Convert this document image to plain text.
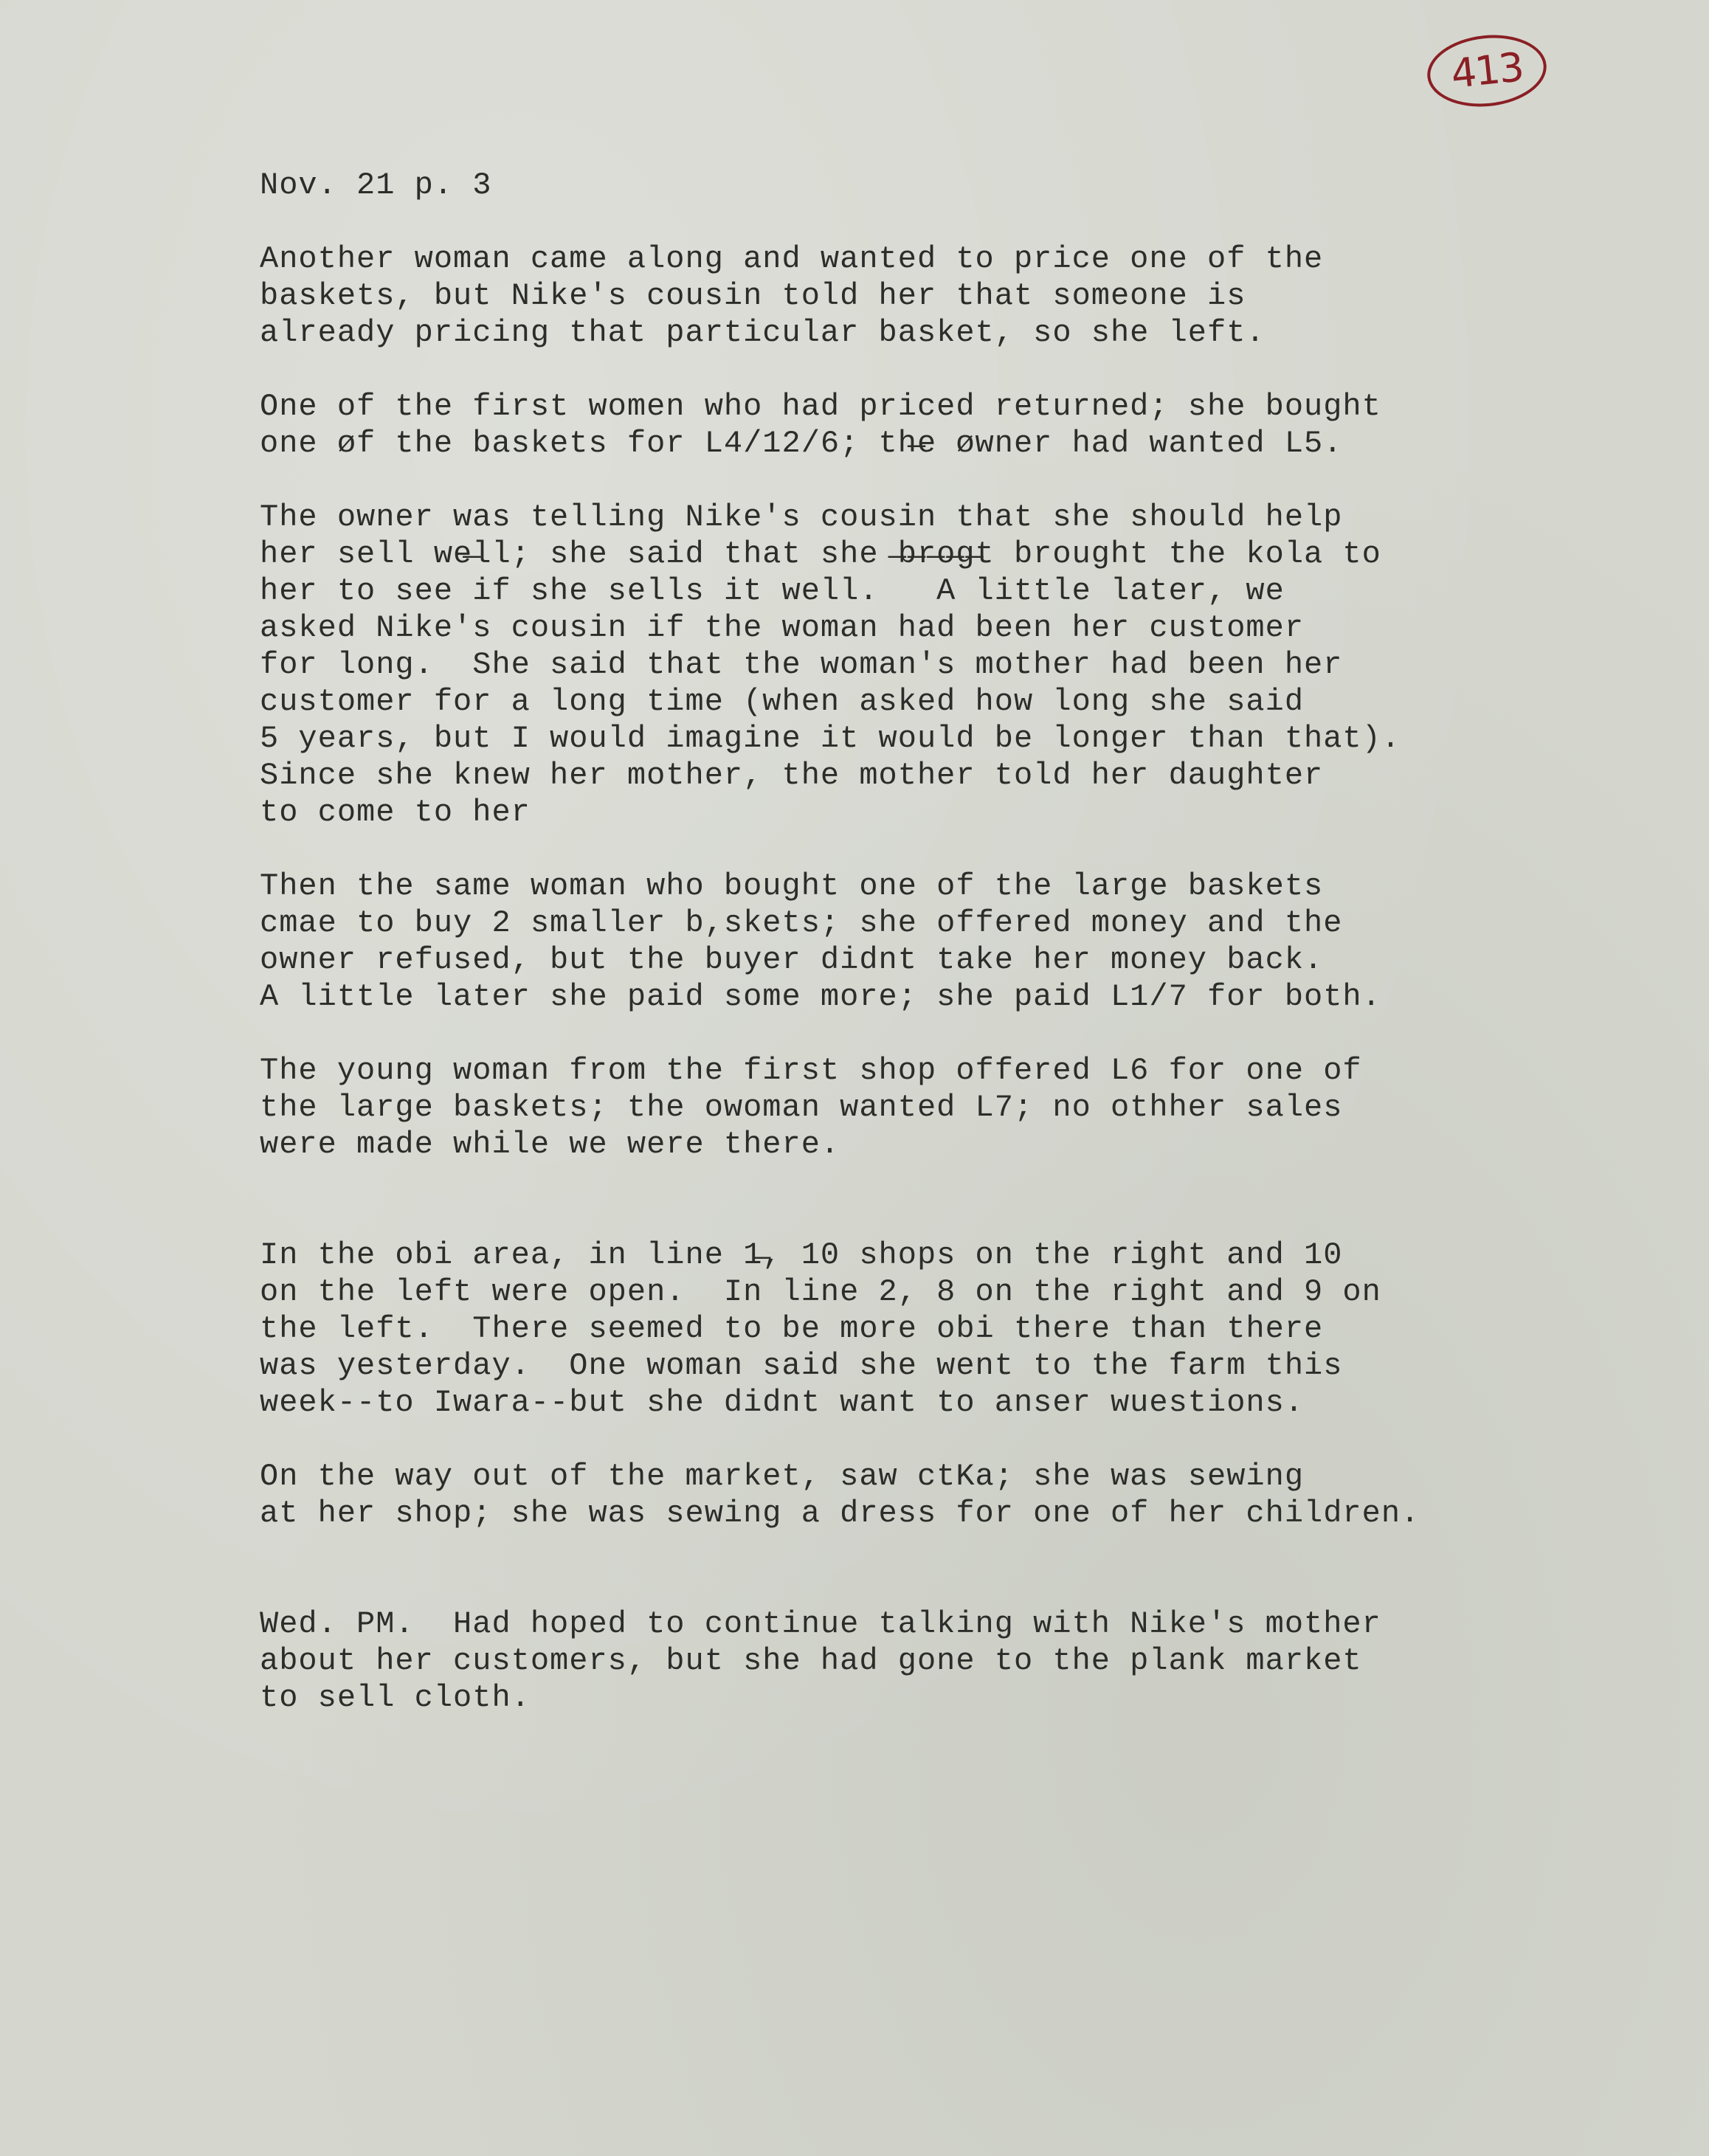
413
Nov. 21 p. 3
Another woman came along and wanted to price one of the
baskets, but Nike's cousin told her that someone is
already pricing that particular basket, so she left.
One of the first women who had priced returned; she bought
one øf the baskets for L4/12/6; th̶e øwner had wanted L5.
The owner was telling Nike's cousin that she should help
her sell we̶ll; she said that she ̶b̶r̶o̶g̶t brought the kola to
her to see if she sells it well.   A little later, we
asked Nike's cousin if the woman had been her customer
for long.  She said that the woman's mother had been her
customer for a long time (when asked how long she said
5 years, but I would imagine it would be longer than that).
Since she knew her mother, the mother told her daughter
to come to her
Then the same woman who bought one of the large baskets
cmae to buy 2 smaller b,skets; she offered money and the
owner refused, but the buyer didnt take her money back.
A little later she paid some more; she paid L1/7 for both.
The young woman from the first shop offered L6 for one of
the large baskets; the owoman wanted L7; no othher sales
were made while we were there.
In the obi area, in line 1̶, 10 shops on the right and 10
on the left were open.  In line 2, 8 on the right and 9 on
the left.  There seemed to be more obi there than there
was yesterday.  One woman said she went to the farm this
week--to Iwara--but she didnt want to anser wuestions.
On the way out of the market, saw ctKa; she was sewing
at her shop; she was sewing a dress for one of her children.
Wed. PM.  Had hoped to continue talking with Nike's mother
about her customers, but she had gone to the plank market
to sell cloth.
